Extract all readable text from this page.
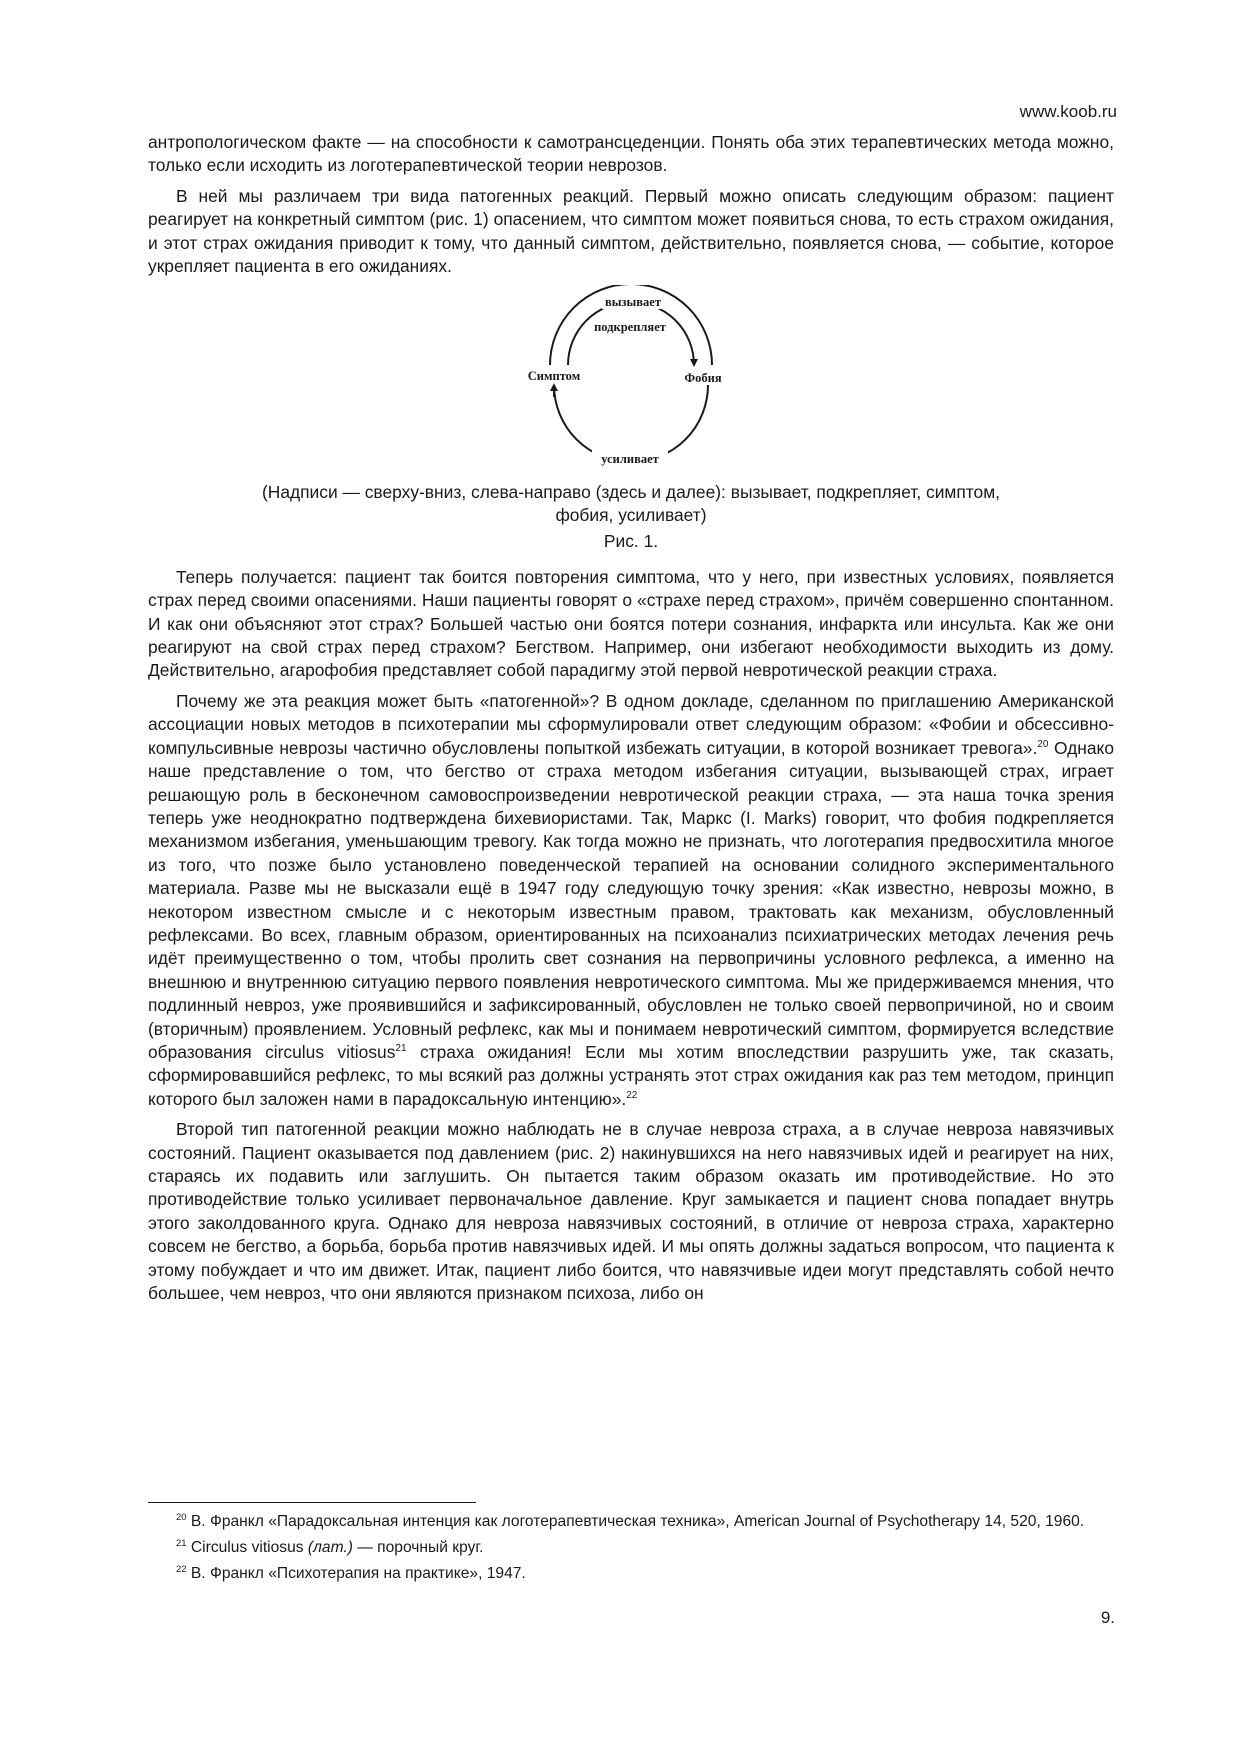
www.koob.ru

антропологическом факте — на способности к самотрансцеденции. Понять оба этих терапевтических метода можно, только если исходить из логотерапевтической теории неврозов.

В ней мы различаем три вида патогенных реакций. Первый можно описать следующим образом: пациент реагирует на конкретный симптом (рис. 1) опасением, что симптом может появиться снова, то есть страхом ожидания, и этот страх ожидания приводит к тому, что данный симптом, действительно, появляется снова, — событие, которое укрепляет пациента в его ожиданиях.

вызывает
подкрепляет
Симптом	Фобия
усиливает
(Надписи — сверху-вниз, слева-направо (здесь и далее): вызывает, подкрепляет, симптом,
фобия, усиливает)
Рис. 1.

Теперь получается: пациент так боится повторения симптома, что у него, при известных условиях, появляется страх перед своими опасениями. Наши пациенты говорят о «страхе перед страхом», причём совершенно спонтанном. И как они объясняют этот страх? Большей частью они боятся потери сознания, инфаркта или инсульта. Как же они реагируют на свой страх перед страхом? Бегством. Например, они избегают необходимости выходить из дому. Действительно, агарофобия представляет собой парадигму этой первой невротической реакции страха.

Почему же эта реакция может быть «патогенной»? В одном докладе, сделанном по приглашению Американской ассоциации новых методов в психотерапии мы сформулировали ответ следующим образом: «Фобии и обсессивно-компульсивные неврозы частично обусловлены попыткой избежать ситуации, в которой возникает тревога».$^{20}$ Однако наше представление о том, что бегство от страха методом избегания ситуации, вызывающей страх, играет решающую роль в бесконечном самовоспроизведении невротической реакции страха, — эта наша точка зрения теперь уже неоднократно подтверждена бихевиористами. Так, Маркс (I. Marks) говорит, что фобия подкрепляется механизмом избегания, уменьшающим тревогу. Как тогда можно не признать, что логотерапия предвосхитила многое из того, что позже было установлено поведенческой терапией на основании солидного экспериментального материала. Разве мы не высказали ещё в 1947 году следующую точку зрения: «Как известно, неврозы можно, в некотором известном смысле и с некоторым известным правом, трактовать как механизм, обусловленный рефлексами. Во всех, главным образом, ориентированных на психоанализ психиатрических методах лечения речь идёт преимущественно о том, чтобы пролить свет сознания на первопричины условного рефлекса, а именно на внешнюю и внутреннюю ситуацию первого появления невротического симптома. Мы же придерживаемся мнения, что подлинный невроз, уже проявившийся и зафиксированный, обусловлен не только своей первопричиной, но и своим (вторичным) проявлением. Условный рефлекс, как мы и понимаем невротический симптом, формируется вследствие образования circulus vitiosus$^{21}$ страха ожидания! Если мы хотим впоследствии разрушить уже, так сказать, сформировавшийся рефлекс, то мы всякий раз должны устранять этот страх ожидания как раз тем методом, принцип которого был заложен нами в парадоксальную интенцию».$^{22}$

Второй тип патогенной реакции можно наблюдать не в случае невроза страха, а в случае невроза навязчивых состояний. Пациент оказывается под давлением (рис. 2) накинувшихся на него навязчивых идей и реагирует на них, стараясь их подавить или заглушить. Он пытается таким образом оказать им противодействие. Но это противодействие только усиливает первоначальное давление. Круг замыкается и пациент снова попадает внутрь этого заколдованного круга. Однако для невроза навязчивых состояний, в отличие от невроза страха, характерно совсем не бегство, а борьба, борьба против навязчивых идей. И мы опять должны задаться вопросом, что пациента к этому побуждает и что им движет. Итак, пациент либо боится, что навязчивые идеи могут представлять собой нечто большее, чем невроз, что они являются признаком психоза, либо он

$^{20}$ В. Франкл «Парадоксальная интенция как логотерапевтическая техника», American Journal of Psychotherapy 14, 520, 1960.

$^{21}$ Circulus vitiosus (лат.) — порочный круг.

$^{22}$ В. Франкл «Психотерапия на практике», 1947.

9.
